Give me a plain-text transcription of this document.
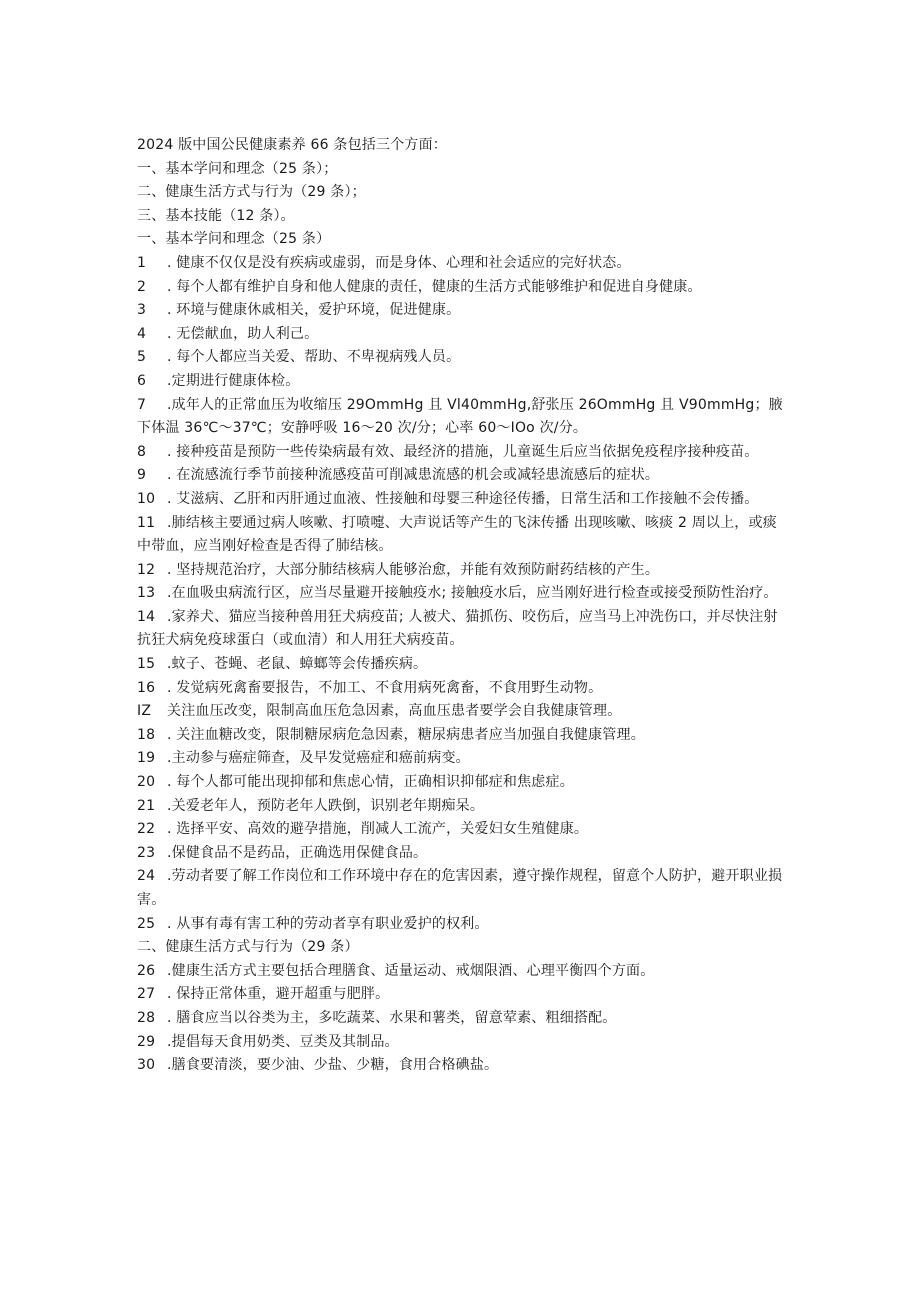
2024 版中国公民健康素养 66 条包括三个方面：
一、基本学问和理念（25 条）；
二、健康生活方式与行为（29 条）；
三、基本技能（12 条）。
一、基本学问和理念（25 条）
1 . 健康不仅仅是没有疾病或虚弱，而是身体、心理和社会适应的完好状态。
2 . 每个人都有维护自身和他人健康的责任，健康的生活方式能够维护和促进自身健康。
3 . 环境与健康休戚相关，爱护环境，促进健康。
4 . 无偿献血，助人利己。
5 . 每个人都应当关爱、帮助、不卑视病残人员。
6 .定期进行健康体检。
7 .成年人的正常血压为收缩压 29OmmHg 且 Vl40mmHg,舒张压 26OmmHg 且 V90mmHg；腋下体温 36℃～37℃；安静呼吸 16～20 次/分；心率 60～IOo 次/分。
8 . 接种疫苗是预防一些传染病最有效、最经济的措施，儿童诞生后应当依据免疫程序接种疫苗。
9 . 在流感流行季节前接种流感疫苗可削减患流感的机会或减轻患流感后的症状。
10 . 艾滋病、乙肝和丙肝通过血液、性接触和母婴三种途径传播，日常生活和工作接触不会传播。
11 .肺结核主要通过病人咳嗽、打喷嚏、大声说话等产生的飞沫传播 出现咳嗽、咳痰 2 周以上，或痰中带血，应当刚好检查是否得了肺结核。
12 . 坚持规范治疗，大部分肺结核病人能够治愈，并能有效预防耐药结核的产生。
13 .在血吸虫病流行区，应当尽量避开接触疫水; 接触疫水后，应当刚好进行检查或接受预防性治疗。
14 .家养犬、猫应当接种兽用狂犬病疫苗; 人被犬、猫抓伤、咬伤后，应当马上冲洗伤口，并尽快注射抗狂犬病免疫球蛋白（或血清）和人用狂犬病疫苗。
15 .蚊子、苍蝇、老鼠、蟑螂等会传播疾病。
16 . 发觉病死禽畜要报告，不加工、不食用病死禽畜，不食用野生动物。
IZ 关注血压改变，限制高血压危急因素，高血压患者要学会自我健康管理。
18 . 关注血糖改变，限制糖尿病危急因素，糖尿病患者应当加强自我健康管理。
19 .主动参与癌症筛查，及早发觉癌症和癌前病变。
20 . 每个人都可能出现抑郁和焦虑心情，正确相识抑郁症和焦虑症。
21 .关爱老年人，预防老年人跌倒，识别老年期痴呆。
22 . 选择平安、高效的避孕措施，削减人工流产，关爱妇女生殖健康。
23 .保健食品不是药品，正确选用保健食品。
24 .劳动者要了解工作岗位和工作环境中存在的危害因素，遵守操作规程，留意个人防护，避开职业损害。
25 . 从事有毒有害工种的劳动者享有职业爱护的权利。
二、健康生活方式与行为（29 条）
26 .健康生活方式主要包括合理膳食、适量运动、戒烟限酒、心理平衡四个方面。
27 . 保持正常体重，避开超重与肥胖。
28 . 膳食应当以谷类为主，多吃蔬菜、水果和薯类，留意荤素、粗细搭配。
29 .提倡每天食用奶类、豆类及其制品。
30 .膳食要清淡，要少油、少盐、少糖，食用合格碘盐。
